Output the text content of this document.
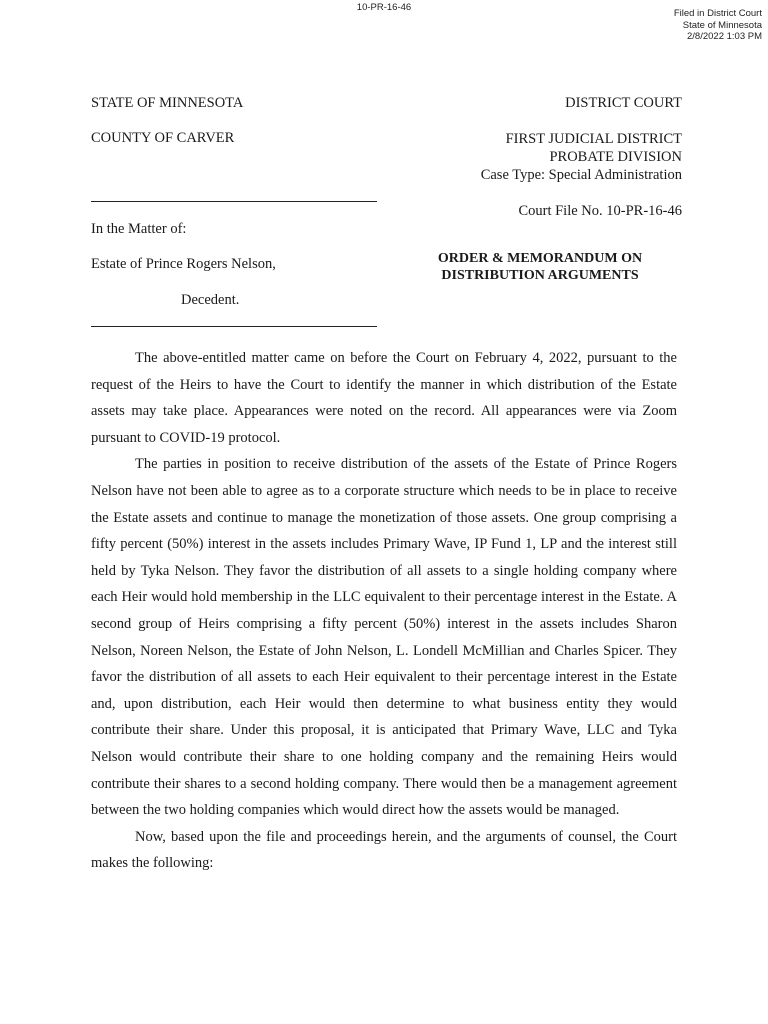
10-PR-16-46
Filed in District Court
State of Minnesota
2/8/2022 1:03 PM
STATE OF MINNESOTA
COUNTY OF CARVER
DISTRICT COURT
FIRST JUDICIAL DISTRICT
PROBATE DIVISION
Case Type: Special Administration
Court File No. 10-PR-16-46
In the Matter of:
Estate of Prince Rogers Nelson,
Decedent.
ORDER & MEMORANDUM ON
DISTRIBUTION ARGUMENTS

The above-entitled matter came on before the Court on February 4, 2022, pursuant to the request of the Heirs to have the Court to identify the manner in which distribution of the Estate assets may take place. Appearances were noted on the record. All appearances were via Zoom pursuant to COVID-19 protocol.

The parties in position to receive distribution of the assets of the Estate of Prince Rogers Nelson have not been able to agree as to a corporate structure which needs to be in place to receive the Estate assets and continue to manage the monetization of those assets. One group comprising a fifty percent (50%) interest in the assets includes Primary Wave, IP Fund 1, LP and the interest still held by Tyka Nelson. They favor the distribution of all assets to a single holding company where each Heir would hold membership in the LLC equivalent to their percentage interest in the Estate. A second group of Heirs comprising a fifty percent (50%) interest in the assets includes Sharon Nelson, Noreen Nelson, the Estate of John Nelson, L. Londell McMillian and Charles Spicer. They favor the distribution of all assets to each Heir equivalent to their percentage interest in the Estate and, upon distribution, each Heir would then determine to what business entity they would contribute their share. Under this proposal, it is anticipated that Primary Wave, LLC and Tyka Nelson would contribute their share to one holding company and the remaining Heirs would contribute their shares to a second holding company. There would then be a management agreement between the two holding companies which would direct how the assets would be managed.

Now, based upon the file and proceedings herein, and the arguments of counsel, the Court makes the following:
